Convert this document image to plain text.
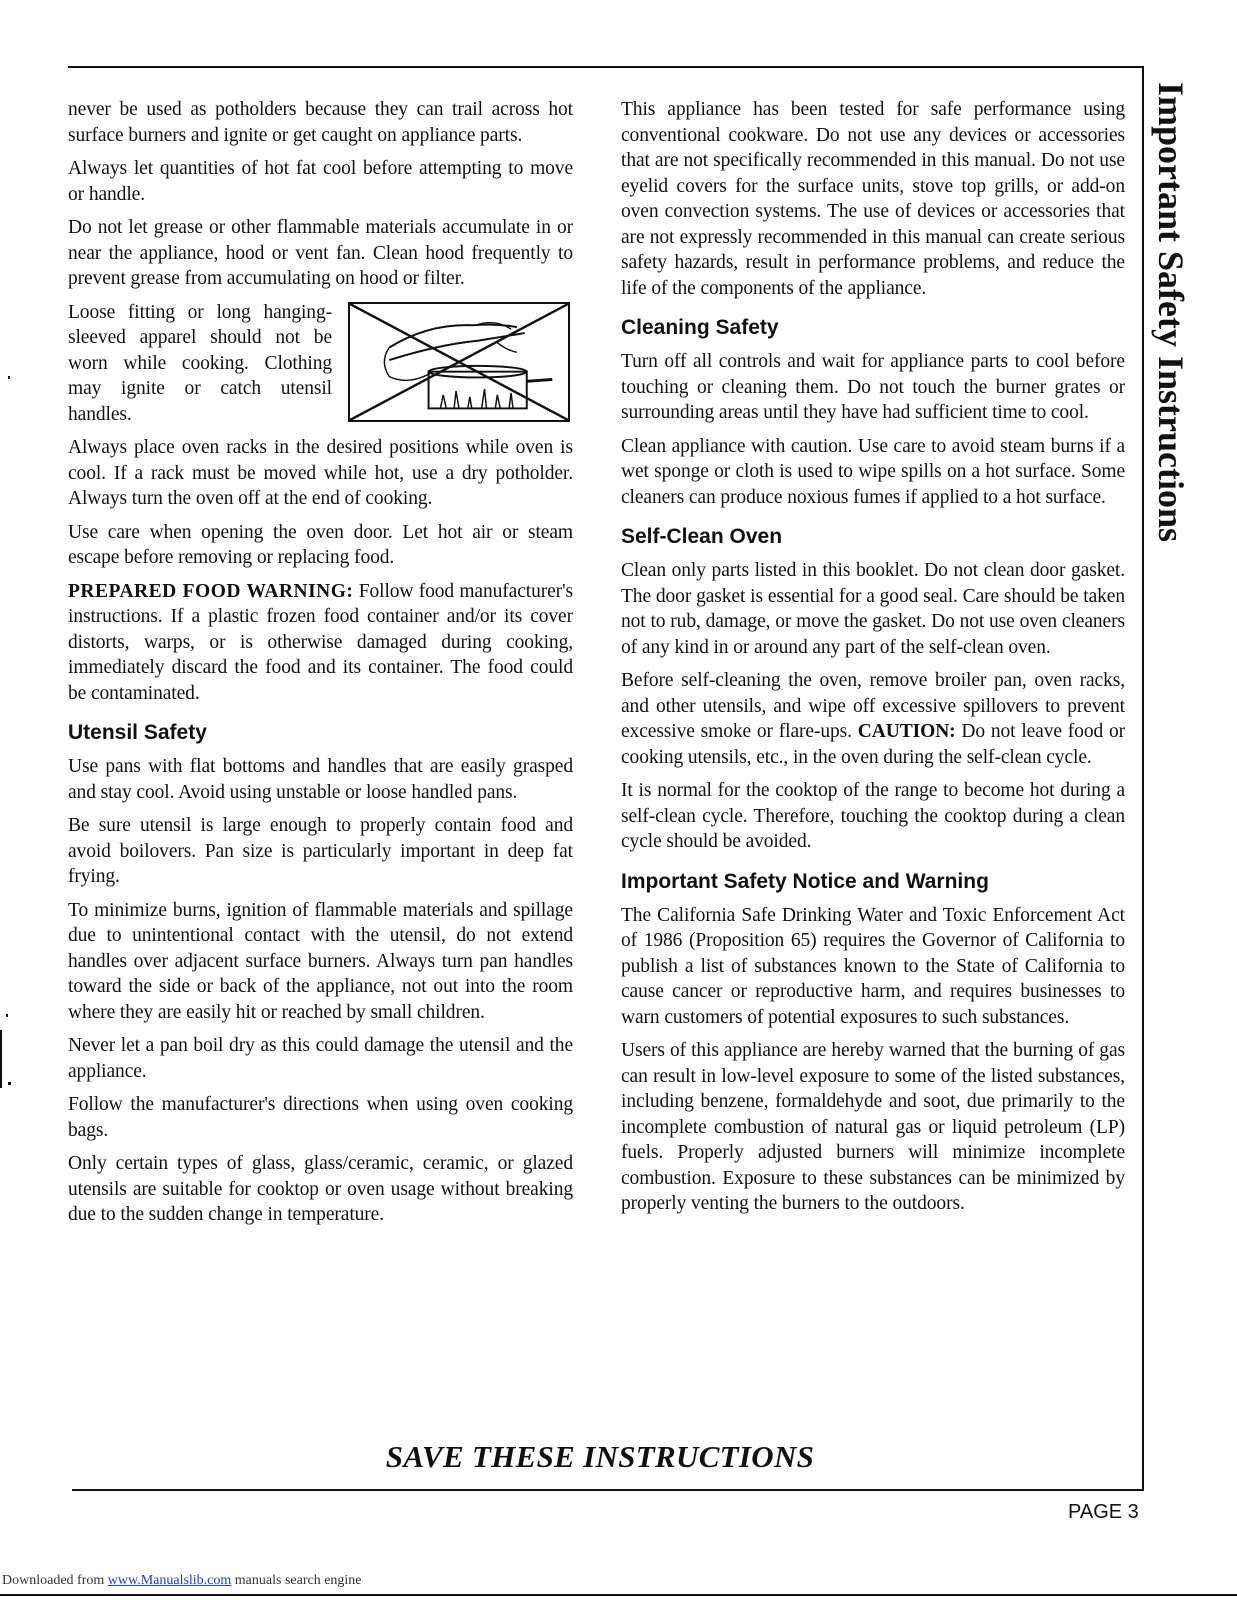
Important Safety Instructions

never be used as potholders because they can trail across hot surface burners and ignite or get caught on appliance parts.

Always let quantities of hot fat cool before attempting to move or handle.

Do not let grease or other flammable materials accumulate in or near the appliance, hood or vent fan. Clean hood frequently to prevent grease from accumulating on hood or filter.

Loose fitting or long hanging-sleeved apparel should not be worn while cooking. Clothing may ignite or catch utensil handles.

Always place oven racks in the desired positions while oven is cool. If a rack must be moved while hot, use a dry potholder. Always turn the oven off at the end of cooking.

Use care when opening the oven door. Let hot air or steam escape before removing or replacing food.

PREPARED FOOD WARNING: Follow food manufacturer's instructions. If a plastic frozen food container and/or its cover distorts, warps, or is otherwise damaged during cooking, immediately discard the food and its container. The food could be contaminated.

Utensil Safety

Use pans with flat bottoms and handles that are easily grasped and stay cool. Avoid using unstable or loose handled pans.

Be sure utensil is large enough to properly contain food and avoid boilovers. Pan size is particularly important in deep fat frying.

To minimize burns, ignition of flammable materials and spillage due to unintentional contact with the utensil, do not extend handles over adjacent surface burners. Always turn pan handles toward the side or back of the appliance, not out into the room where they are easily hit or reached by small children.

Never let a pan boil dry as this could damage the utensil and the appliance.

Follow the manufacturer's directions when using oven cooking bags.

Only certain types of glass, glass/ceramic, ceramic, or glazed utensils are suitable for cooktop or oven usage without breaking due to the sudden change in temperature.

This appliance has been tested for safe performance using conventional cookware. Do not use any devices or accessories that are not specifically recommended in this manual. Do not use eyelid covers for the surface units, stove top grills, or add-on oven convection systems. The use of devices or accessories that are not expressly recommended in this manual can create serious safety hazards, result in performance problems, and reduce the life of the components of the appliance.

Cleaning Safety

Turn off all controls and wait for appliance parts to cool before touching or cleaning them. Do not touch the burner grates or surrounding areas until they have had sufficient time to cool.

Clean appliance with caution. Use care to avoid steam burns if a wet sponge or cloth is used to wipe spills on a hot surface. Some cleaners can produce noxious fumes if applied to a hot surface.

Self-Clean Oven

Clean only parts listed in this booklet. Do not clean door gasket. The door gasket is essential for a good seal. Care should be taken not to rub, damage, or move the gasket. Do not use oven cleaners of any kind in or around any part of the self-clean oven.

Before self-cleaning the oven, remove broiler pan, oven racks, and other utensils, and wipe off excessive spillovers to prevent excessive smoke or flare-ups. CAUTION: Do not leave food or cooking utensils, etc., in the oven during the self-clean cycle.

It is normal for the cooktop of the range to become hot during a self-clean cycle. Therefore, touching the cooktop during a clean cycle should be avoided.

Important Safety Notice and Warning

The California Safe Drinking Water and Toxic Enforcement Act of 1986 (Proposition 65) requires the Governor of California to publish a list of substances known to the State of California to cause cancer or reproductive harm, and requires businesses to warn customers of potential exposures to such substances.

Users of this appliance are hereby warned that the burning of gas can result in low-level exposure to some of the listed substances, including benzene, formaldehyde and soot, due primarily to the incomplete combustion of natural gas or liquid petroleum (LP) fuels. Properly adjusted burners will minimize incomplete combustion. Exposure to these substances can be minimized by properly venting the burners to the outdoors.

SAVE THESE INSTRUCTIONS
PAGE 3
Downloaded from www.Manualslib.com manuals search engine
